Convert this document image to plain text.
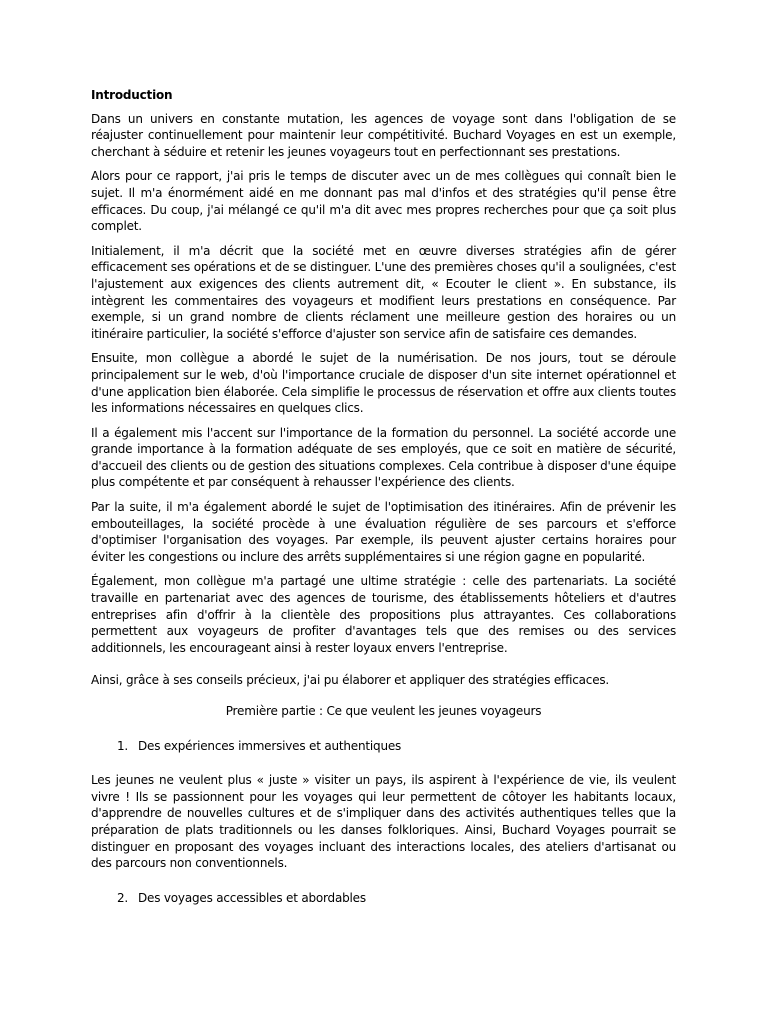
Introduction

Dans un univers en constante mutation, les agences de voyage sont dans l'obligation de se réajuster continuellement pour maintenir leur compétitivité. Buchard Voyages en est un exemple, cherchant à séduire et retenir les jeunes voyageurs tout en perfectionnant ses prestations.

Alors pour ce rapport, j'ai pris le temps de discuter avec un de mes collègues qui connaît bien le sujet. Il m'a énormément aidé en me donnant pas mal d'infos et des stratégies qu'il pense être efficaces. Du coup, j'ai mélangé ce qu'il m'a dit avec mes propres recherches pour que ça soit plus complet.

Initialement, il m'a décrit que la société met en œuvre diverses stratégies afin de gérer efficacement ses opérations et de se distinguer. L'une des premières choses qu'il a soulignées, c'est l'ajustement aux exigences des clients autrement dit, « Ecouter le client ». En substance, ils intègrent les commentaires des voyageurs et modifient leurs prestations en conséquence. Par exemple, si un grand nombre de clients réclament une meilleure gestion des horaires ou un itinéraire particulier, la société s'efforce d'ajuster son service afin de satisfaire ces demandes.

Ensuite, mon collègue a abordé le sujet de la numérisation. De nos jours, tout se déroule principalement sur le web, d'où l'importance cruciale de disposer d'un site internet opérationnel et d'une application bien élaborée. Cela simplifie le processus de réservation et offre aux clients toutes les informations nécessaires en quelques clics.

Il a également mis l'accent sur l'importance de la formation du personnel. La société accorde une grande importance à la formation adéquate de ses employés, que ce soit en matière de sécurité, d'accueil des clients ou de gestion des situations complexes. Cela contribue à disposer d'une équipe plus compétente et par conséquent à rehausser l'expérience des clients.

Par la suite, il m'a également abordé le sujet de l'optimisation des itinéraires. Afin de prévenir les embouteillages, la société procède à une évaluation régulière de ses parcours et s'efforce d'optimiser l'organisation des voyages. Par exemple, ils peuvent ajuster certains horaires pour éviter les congestions ou inclure des arrêts supplémentaires si une région gagne en popularité.

Également, mon collègue m'a partagé une ultime stratégie : celle des partenariats. La société travaille en partenariat avec des agences de tourisme, des établissements hôteliers et d'autres entreprises afin d'offrir à la clientèle des propositions plus attrayantes. Ces collaborations permettent aux voyageurs de profiter d'avantages tels que des remises ou des services additionnels, les encourageant ainsi à rester loyaux envers l'entreprise.

Ainsi, grâce à ses conseils précieux, j'ai pu élaborer et appliquer des stratégies efficaces.

Première partie : Ce que veulent les jeunes voyageurs
1. Des expériences immersives et authentiques

Les jeunes ne veulent plus « juste » visiter un pays, ils aspirent à l'expérience de vie, ils veulent vivre ! Ils se passionnent pour les voyages qui leur permettent de côtoyer les habitants locaux, d'apprendre de nouvelles cultures et de s'impliquer dans des activités authentiques telles que la préparation de plats traditionnels ou les danses folkloriques. Ainsi, Buchard Voyages pourrait se distinguer en proposant des voyages incluant des interactions locales, des ateliers d'artisanat ou des parcours non conventionnels.

2. Des voyages accessibles et abordables
